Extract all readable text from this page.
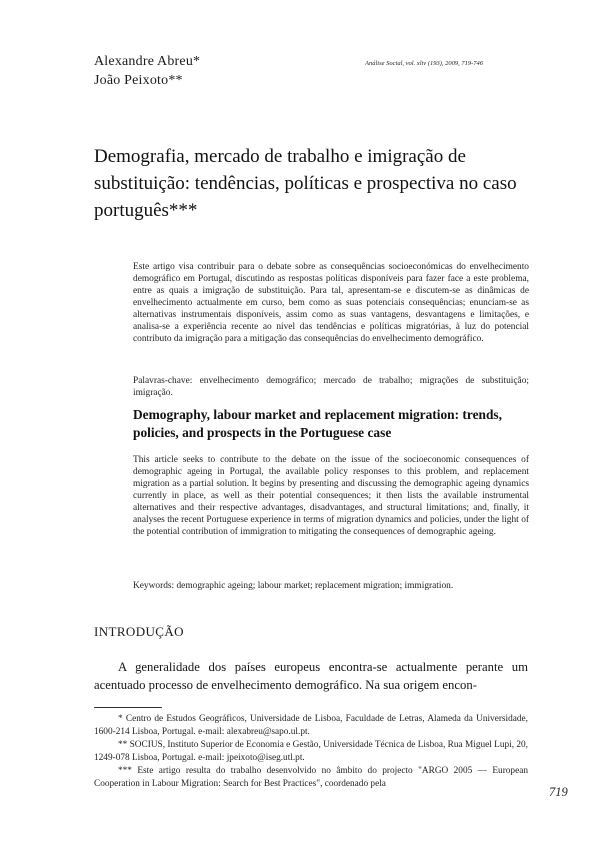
Alexandre Abreu*
João Peixoto**
Análise Social, vol. xliv (193), 2009, 719-746
Demografia, mercado de trabalho e imigração de substituição: tendências, políticas e prospectiva no caso português***

Este artigo visa contribuir para o debate sobre as consequências socioeconómicas do envelhecimento demográfico em Portugal, discutindo as respostas políticas disponíveis para fazer face a este problema, entre as quais a imigração de substituição. Para tal, apresentam-se e discutem-se as dinâmicas de envelhecimento actualmente em curso, bem como as suas potenciais consequências; enunciam-se as alternativas instrumentais disponíveis, assim como as suas vantagens, desvantagens e limitações, e analisa-se a experiência recente ao nível das tendências e políticas migratórias, à luz do potencial contributo da imigração para a mitigação das consequências do envelhecimento demográfico.

Palavras-chave: envelhecimento demográfico; mercado de trabalho; migrações de substituição; imigração.

Demography, labour market and replacement migration: trends, policies, and prospects in the Portuguese case

This article seeks to contribute to the debate on the issue of the socioeconomic consequences of demographic ageing in Portugal, the available policy responses to this problem, and replacement migration as a partial solution. It begins by presenting and discussing the demographic ageing dynamics currently in place, as well as their potential consequences; it then lists the available instrumental alternatives and their respective advantages, disadvantages, and structural limitations; and, finally, it analyses the recent Portuguese experience in terms of migration dynamics and policies, under the light of the potential contribution of immigration to mitigating the consequences of demographic ageing.

Keywords: demographic ageing; labour market; replacement migration; immigration.

INTRODUÇÃO

A generalidade dos países europeus encontra-se actualmente perante um acentuado processo de envelhecimento demográfico. Na sua origem encon-

* Centro de Estudos Geográficos, Universidade de Lisboa, Faculdade de Letras, Alameda da Universidade, 1600-214 Lisboa, Portugal. e-mail: alexabreu@sapo.ul.pt.

** SOCIUS, Instituto Superior de Economia e Gestão, Universidade Técnica de Lisboa, Rua Miguel Lupi, 20, 1249-078 Lisboa, Portugal. e-mail: jpeixoto@iseg.utl.pt.

*** Este artigo resulta do trabalho desenvolvido no âmbito do projecto "ARGO 2005 — European Cooperation in Labour Migration: Search for Best Practices", coordenado pela

719
